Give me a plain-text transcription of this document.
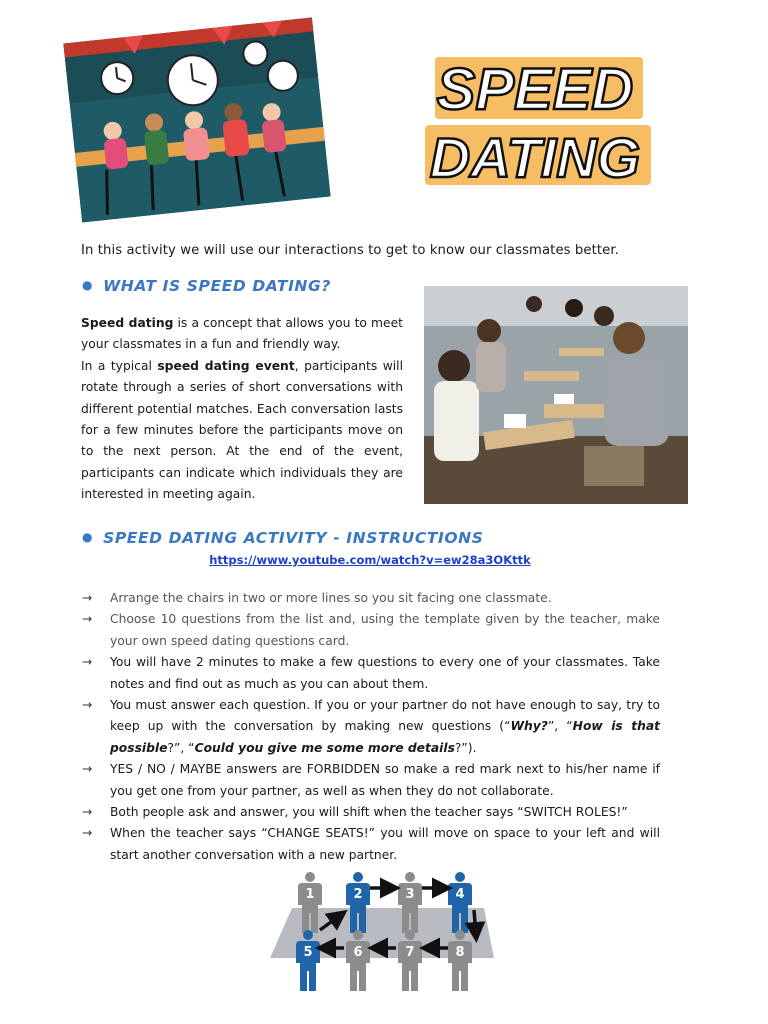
SPEED
DATING
In this activity we will use our interactions to get to know our classmates better.
● WHAT IS SPEED DATING?

Speed dating is a concept that allows you to meet your classmates in a fun and friendly way.

In a typical speed dating event, participants will rotate through a series of short conversations with different potential matches. Each conversation lasts for a few minutes before the participants move on to the next person. At the end of the event, participants can indicate which individuals they are interested in meeting again.

● SPEED DATING ACTIVITY - INSTRUCTIONS
https://www.youtube.com/watch?v=ew28a3OKttk
→	Arrange the chairs in two or more lines so you sit facing one classmate.
→	Choose 10 questions from the list and, using the template given by the teacher, make your own speed dating questions card.
→	You will have 2 minutes to make a few questions to every one of your classmates. Take notes and find out as much as you can about them.
→	You must answer each question. If you or your partner do not have enough to say, try to keep up with the conversation by making new questions (“Why?”, “How is that possible?”, “Could you give me some more details?”).
→	YES / NO / MAYBE answers are FORBIDDEN so make a red mark next to his/her name if you get one from your partner, as well as when they do not collaborate.
→	Both people ask and answer, you will shift when the teacher says “SWITCH ROLES!”
→	When the teacher says “CHANGE SEATS!” you will move on space to your left and will start another conversation with a new partner.
1	2	3	4
5	6	7	8
